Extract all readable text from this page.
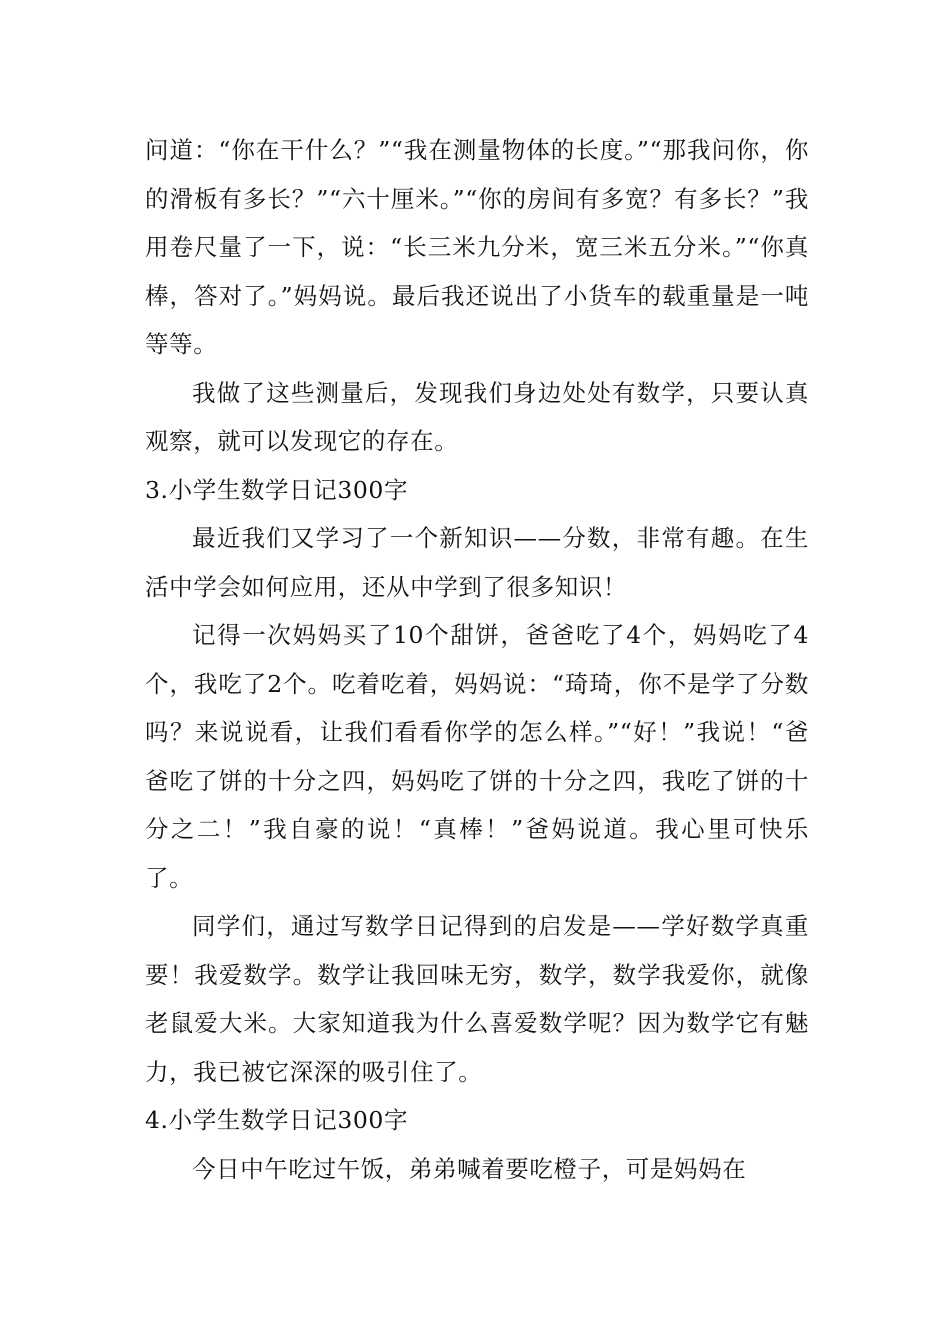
问道：“你在干什么？”“我在测量物体的长度。”“那我问你，你的滑板有多长？”“六十厘米。”“你的房间有多宽？有多长？”我用卷尺量了一下，说：“长三米九分米，宽三米五分米。”“你真棒，答对了。”妈妈说。最后我还说出了小货车的载重量是一吨等等。

我做了这些测量后，发现我们身边处处有数学，只要认真观察，就可以发现它的存在。

3.小学生数学日记300字

最近我们又学习了一个新知识——分数，非常有趣。在生活中学会如何应用，还从中学到了很多知识！

记得一次妈妈买了10个甜饼，爸爸吃了4个，妈妈吃了4个，我吃了2个。吃着吃着，妈妈说：“琦琦，你不是学了分数吗？来说说看，让我们看看你学的怎么样。”“好！”我说！“爸爸吃了饼的十分之四，妈妈吃了饼的十分之四，我吃了饼的十分之二！”我自豪的说！“真棒！”爸妈说道。我心里可快乐了。

同学们，通过写数学日记得到的启发是——学好数学真重要！我爱数学。数学让我回味无穷，数学，数学我爱你，就像老鼠爱大米。大家知道我为什么喜爱数学呢？因为数学它有魅力，我已被它深深的吸引住了。

4.小学生数学日记300字

今日中午吃过午饭，弟弟喊着要吃橙子，可是妈妈在
